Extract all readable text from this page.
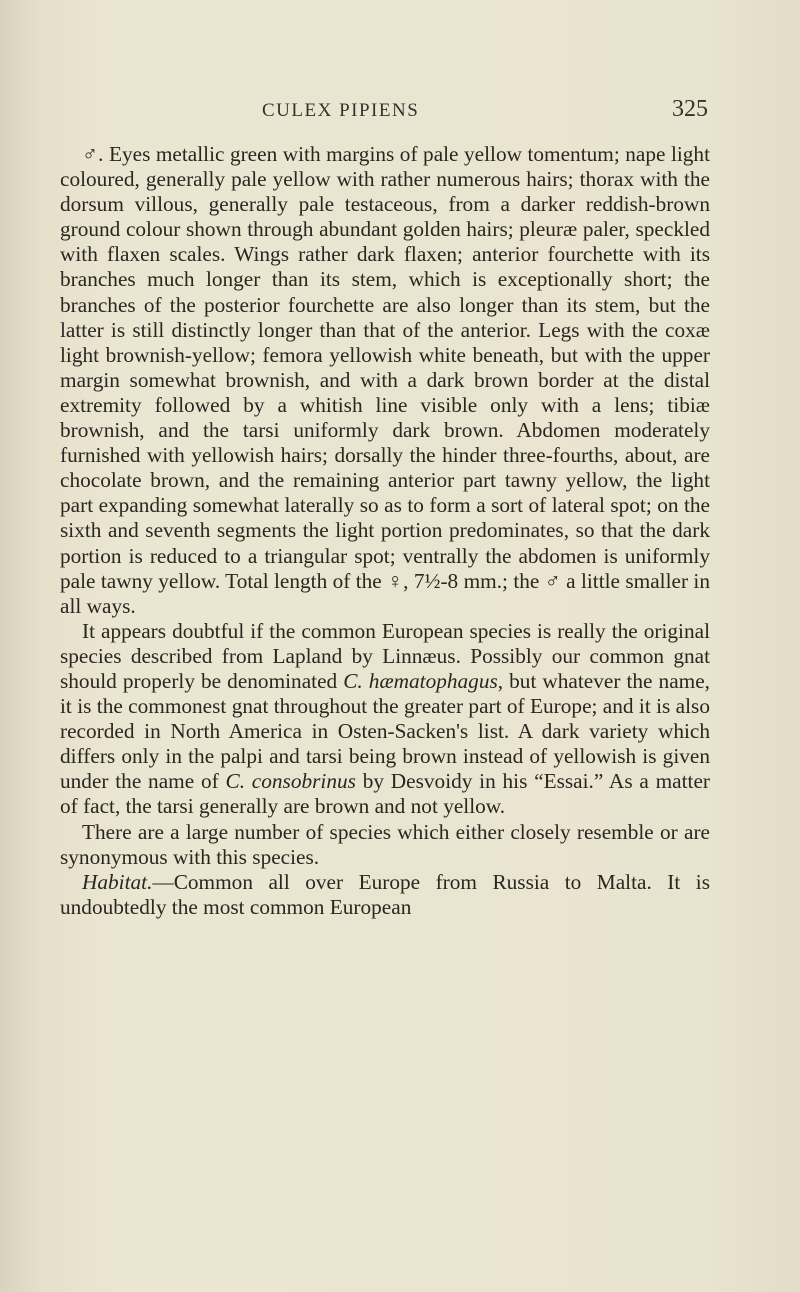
CULEX PIPIENS	325

♂. Eyes metallic green with margins of pale yellow tomentum; nape light coloured, generally pale yellow with rather numerous hairs; thorax with the dorsum villous, generally pale testaceous, from a darker reddish-brown ground colour shown through abundant golden hairs; pleuræ paler, speckled with flaxen scales. Wings rather dark flaxen; anterior fourchette with its branches much longer than its stem, which is exceptionally short; the branches of the posterior fourchette are also longer than its stem, but the latter is still distinctly longer than that of the anterior. Legs with the coxæ light brownish-yellow; femora yellowish white beneath, but with the upper margin somewhat brownish, and with a dark brown border at the distal extremity followed by a whitish line visible only with a lens; tibiæ brownish, and the tarsi uniformly dark brown. Abdomen moderately furnished with yellowish hairs; dorsally the hinder three-fourths, about, are chocolate brown, and the remaining anterior part tawny yellow, the light part expanding somewhat laterally so as to form a sort of lateral spot; on the sixth and seventh segments the light portion predominates, so that the dark portion is reduced to a triangular spot; ventrally the abdomen is uniformly pale tawny yellow. Total length of the ♀, 7½-8 mm.; the ♂ a little smaller in all ways.

It appears doubtful if the common European species is really the original species described from Lapland by Linnæus. Possibly our common gnat should properly be denominated C. hæmatophagus, but whatever the name, it is the commonest gnat throughout the greater part of Europe; and it is also recorded in North America in Osten-Sacken's list. A dark variety which differs only in the palpi and tarsi being brown instead of yellowish is given under the name of C. consobrinus by Desvoidy in his “Essai.” As a matter of fact, the tarsi generally are brown and not yellow.

There are a large number of species which either closely resemble or are synonymous with this species.

Habitat.—Common all over Europe from Russia to Malta. It is undoubtedly the most common European
